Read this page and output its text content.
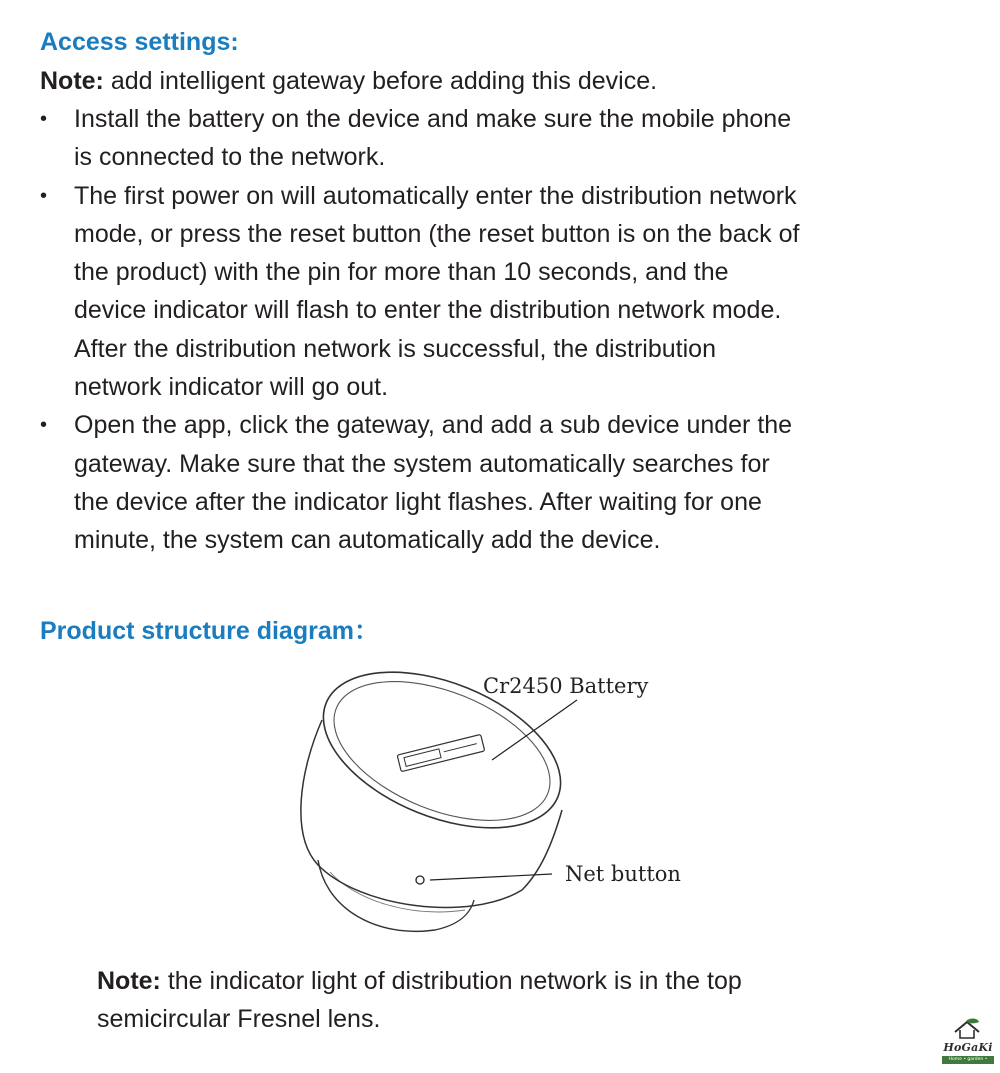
Access settings:

Note: add intelligent gateway before adding this device.

• Install the battery on the device and make sure the mobile phone
is connected to the network.
• The first power on will automatically enter the distribution network
mode, or press the reset button (the reset button is on the back of
the product) with the pin for more than 10 seconds, and the
device indicator will flash to enter the distribution network mode.
After the distribution network is successful, the distribution
network indicator will go out.
• Open the app, click the gateway, and add a sub device under the
gateway. Make sure that the system automatically searches for
the device after the indicator light flashes. After waiting for one
minute, the system can automatically add the device.
Product structure diagram：
Cr2450 Battery
Net button

Note: the indicator light of distribution network is in the top
semicircular Fresnel lens.

HoGaKi
Home • garden • kitchen
